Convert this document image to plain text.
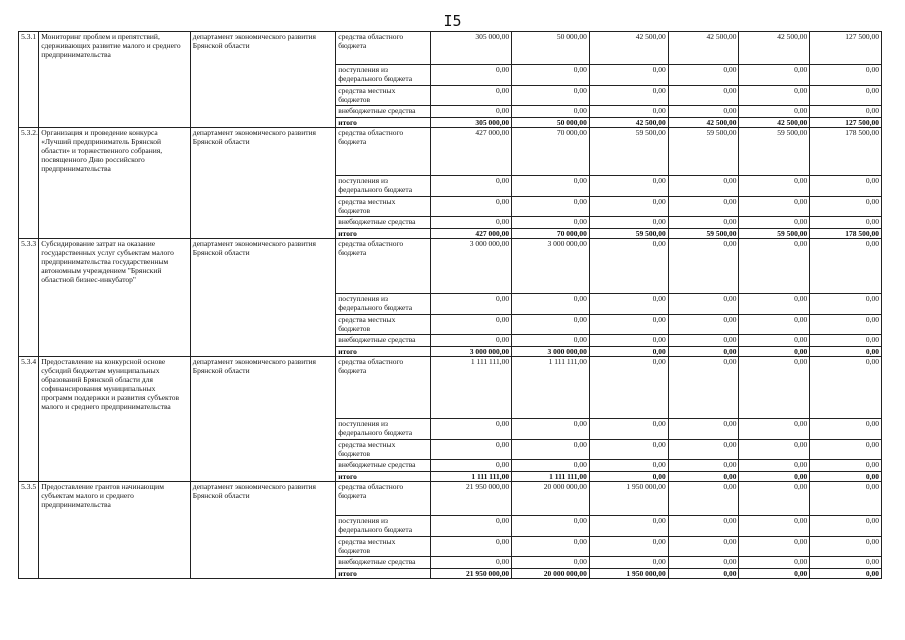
I5
5.3.1	Мониторинг проблем и препятствий, сдерживающих развитие малого и среднего предпринимательства	департамент экономического развития Брянской области	средства областного бюджета	305 000,00	50 000,00	42 500,00	42 500,00	42 500,00	127 500,00
			поступления из федерального бюджета	0,00	0,00	0,00	0,00	0,00	0,00
			средства местных бюджетов	0,00	0,00	0,00	0,00	0,00	0,00
			внебюджетные средства	0,00	0,00	0,00	0,00	0,00	0,00
			итого	305 000,00	50 000,00	42 500,00	42 500,00	42 500,00	127 500,00
5.3.2.	Организация и проведение конкурса «Лучший предприниматель Брянской области» и торжественного собрания, посвященного Дню российского предпринимательства	департамент экономического развития Брянской области	средства областного бюджета	427 000,00	70 000,00	59 500,00	59 500,00	59 500,00	178 500,00
			поступления из федерального бюджета	0,00	0,00	0,00	0,00	0,00	0,00
			средства местных бюджетов	0,00	0,00	0,00	0,00	0,00	0,00
			внебюджетные средства	0,00	0,00	0,00	0,00	0,00	0,00
			итого	427 000,00	70 000,00	59 500,00	59 500,00	59 500,00	178 500,00
5.3.3	Субсидирование затрат на оказание государственных услуг субъектам малого предпринимательства государственным автономным учреждением "Брянский областной бизнес-инкубатор"	департамент экономического развития Брянской области	средства областного бюджета	3 000 000,00	3 000 000,00	0,00	0,00	0,00	0,00
			поступления из федерального бюджета	0,00	0,00	0,00	0,00	0,00	0,00
			средства местных бюджетов	0,00	0,00	0,00	0,00	0,00	0,00
			внебюджетные средства	0,00	0,00	0,00	0,00	0,00	0,00
			итого	3 000 000,00	3 000 000,00	0,00	0,00	0,00	0,00
5.3.4	Предоставление на конкурсной основе субсидий бюджетам муниципальных образований Брянской области для софинансирования муниципальных программ поддержки и развития субъектов малого и среднего предпринимательства	департамент экономического развития Брянской области	средства областного бюджета	1 111 111,00	1 111 111,00	0,00	0,00	0,00	0,00
			поступления из федерального бюджета	0,00	0,00	0,00	0,00	0,00	0,00
			средства местных бюджетов	0,00	0,00	0,00	0,00	0,00	0,00
			внебюджетные средства	0,00	0,00	0,00	0,00	0,00	0,00
			итого	1 111 111,00	1 111 111,00	0,00	0,00	0,00	0,00
5.3.5	Предоставление грантов начинающим субъектам малого и среднего предпринимательства	департамент экономического развития Брянской области	средства областного бюджета	21 950 000,00	20 000 000,00	1 950 000,00	0,00	0,00	0,00
			поступления из федерального бюджета	0,00	0,00	0,00	0,00	0,00	0,00
			средства местных бюджетов	0,00	0,00	0,00	0,00	0,00	0,00
			внебюджетные средства	0,00	0,00	0,00	0,00	0,00	0,00
			итого	21 950 000,00	20 000 000,00	1 950 000,00	0,00	0,00	0,00
